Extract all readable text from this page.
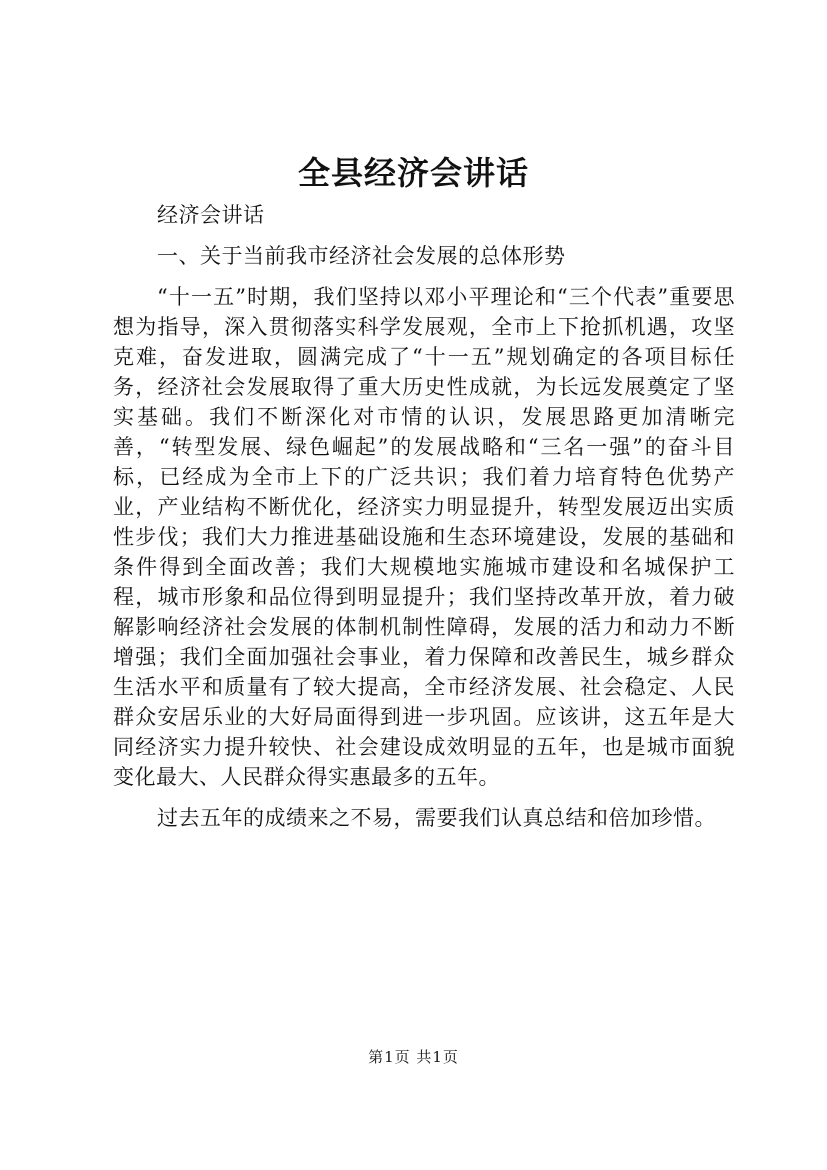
全县经济会讲话

经济会讲话

一、关于当前我市经济社会发展的总体形势

“十一五”时期，我们坚持以邓小平理论和“三个代表”重要思想为指导，深入贯彻落实科学发展观，全市上下抢抓机遇，攻坚克难，奋发进取，圆满完成了“十一五”规划确定的各项目标任务，经济社会发展取得了重大历史性成就，为长远发展奠定了坚实基础。我们不断深化对市情的认识，发展思路更加清晰完善，“转型发展、绿色崛起”的发展战略和“三名一强”的奋斗目标，已经成为全市上下的广泛共识；我们着力培育特色优势产业，产业结构不断优化，经济实力明显提升，转型发展迈出实质性步伐；我们大力推进基础设施和生态环境建设，发展的基础和条件得到全面改善；我们大规模地实施城市建设和名城保护工程，城市形象和品位得到明显提升；我们坚持改革开放，着力破解影响经济社会发展的体制机制性障碍，发展的活力和动力不断增强；我们全面加强社会事业，着力保障和改善民生，城乡群众生活水平和质量有了较大提高，全市经济发展、社会稳定、人民群众安居乐业的大好局面得到进一步巩固。应该讲，这五年是大同经济实力提升较快、社会建设成效明显的五年，也是城市面貌变化最大、人民群众得实惠最多的五年。

过去五年的成绩来之不易，需要我们认真总结和倍加珍惜。

第1页 共1页
